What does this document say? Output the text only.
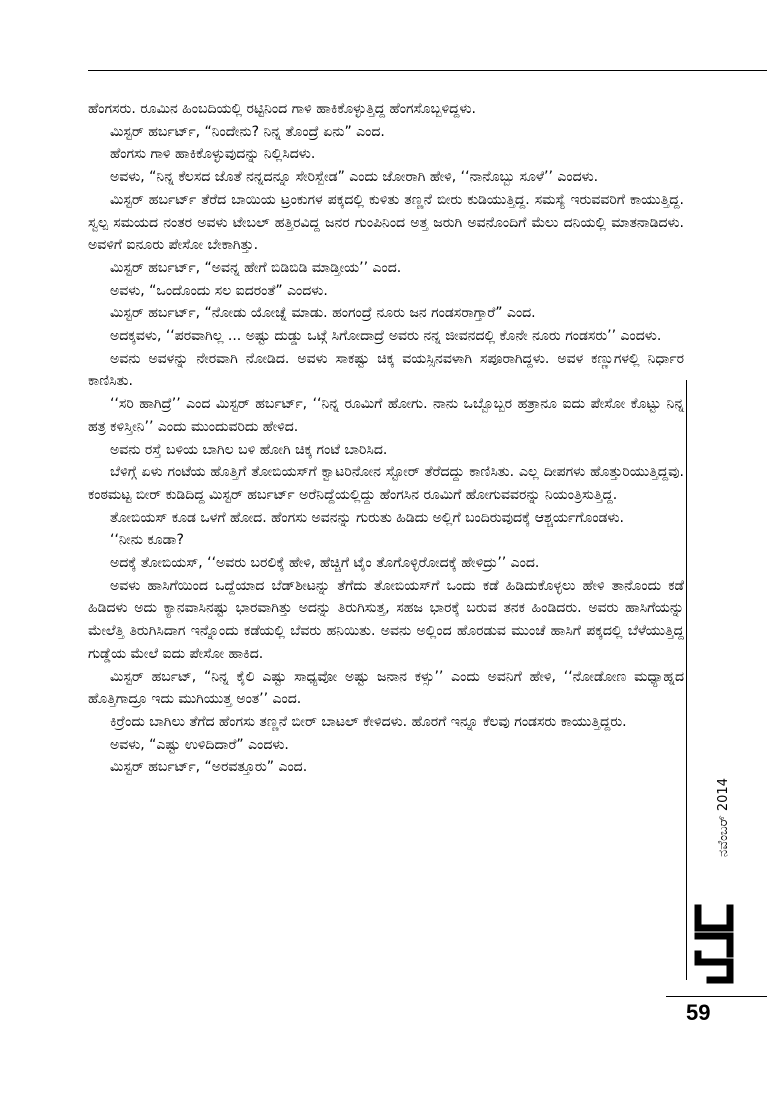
ಹೆಂಗಸರು. ರೂಮಿನ ಹಿಂಬದಿಯಲ್ಲಿ ರಟ್ಟಿನಿಂದ ಗಾಳಿ ಹಾಕಿಕೊಳ್ಳುತ್ತಿದ್ದ ಹೆಂಗಸೊಬ್ಬಳಿದ್ದಳು.

ಮಿಸ್ಟರ್ ಹರ್ಬರ್ಟ್, “ನಿಂದೇನು? ನಿನ್ನ ತೊಂದ್ರೆ ಏನು” ಎಂದ.

ಹೆಂಗಸು ಗಾಳಿ ಹಾಕಿಕೊಳ್ಳುವುದನ್ನು ನಿಲ್ಲಿಸಿದಳು.

ಅವಳು, “ನಿನ್ನ ಕೆಲಸದ ಜೊತೆ ನನ್ನದನ್ನೂ ಸೇರಿಸ್ಬೇಡ” ಎಂದು ಜೋರಾಗಿ ಹೇಳಿ, ‘‘ನಾನೊಬ್ಬು ಸೂಳೆ’’ ಎಂದಳು.

ಮಿಸ್ಟರ್ ಹರ್ಬರ್ಟ್ ತೆರೆದ ಬಾಯಿಯ ಟ್ರಂಕುಗಳ ಪಕ್ಕದಲ್ಲಿ ಕುಳಿತು ತಣ್ಣನೆ ಬೀರು ಕುಡಿಯುತ್ತಿದ್ದ. ಸಮಸ್ಯೆ ಇರುವವರಿಗೆ ಕಾಯುತ್ತಿದ್ದ. ಸ್ವಲ್ಪ ಸಮಯದ ನಂತರ ಅವಳು ಟೇಬಲ್ ಹತ್ತಿರವಿದ್ದ ಜನರ ಗುಂಪಿನಿಂದ ಅತ್ತ ಜರುಗಿ ಅವನೊಂದಿಗೆ ಮೆಲು ದನಿಯಲ್ಲಿ ಮಾತನಾಡಿದಳು. ಅವಳಿಗೆ ಐನೂರು ಪೇಸೋ ಬೇಕಾಗಿತ್ತು.

ಮಿಸ್ಟರ್ ಹರ್ಬರ್ಟ್, “ಅವನ್ನ ಹೇಗೆ ಬಿಡಿಬಿಡಿ ಮಾಡ್ತೀಯ’’ ಎಂದ.

ಅವಳು, “ಒಂದೊಂದು ಸಲ ಐದರಂತೆ” ಎಂದಳು.

ಮಿಸ್ಟರ್ ಹರ್ಬರ್ಟ್, “ನೋಡು ಯೋಚ್ನೆ ಮಾಡು. ಹಂಗಂದ್ರೆ ನೂರು ಜನ ಗಂಡಸರಾಗ್ತಾರೆ” ಎಂದ.

ಅದಕ್ಕವಳು, ‘‘ಪರವಾಗಿಲ್ಲ ... ಅಷ್ಟು ದುಡ್ಡು ಒಟ್ಗೆ ಸಿಗೋದಾದ್ರೆ ಅವರು ನನ್ನ ಜೀವನದಲ್ಲಿ ಕೊನೇ ನೂರು ಗಂಡಸರು’’ ಎಂದಳು.

ಅವನು ಅವಳನ್ನು ನೇರವಾಗಿ ನೋಡಿದ. ಅವಳು ಸಾಕಷ್ಟು ಚಿಕ್ಕ ವಯಸ್ಸಿನವಳಾಗಿ ಸಪೂರಾಗಿದ್ದಳು. ಅವಳ ಕಣ್ಣುಗಳಲ್ಲಿ ನಿರ್ಧಾರ ಕಾಣಿಸಿತು.

‘‘ಸರಿ ಹಾಗಿದ್ರೆ’’ ಎಂದ ಮಿಸ್ಟರ್ ಹರ್ಬರ್ಟ್, ‘‘ನಿನ್ನ ರೂಮಿಗೆ ಹೋಗು. ನಾನು ಒಬ್ಬೊಬ್ಬರ ಹತ್ರಾನೂ ಐದು ಪೇಸೋ ಕೊಟ್ಟು ನಿನ್ನ ಹತ್ರ ಕಳಿಸ್ತೀನಿ’’ ಎಂದು ಮುಂದುವರಿದು ಹೇಳಿದ.

ಅವನು ರಸ್ತೆ ಬಳಿಯ ಬಾಗಿಲ ಬಳಿ ಹೋಗಿ ಚಿಕ್ಕ ಗಂಟೆ ಬಾರಿಸಿದ.

ಬೆಳಿಗ್ಗೆ ಏಳು ಗಂಟೆಯ ಹೊತ್ತಿಗೆ ತೋಬಿಯಸ್‌ಗೆ ಕ್ವಾಟರಿನೋನ ಸ್ಟೋರ್ ತೆರೆದದ್ದು ಕಾಣಿಸಿತು. ಎಲ್ಲ ದೀಪಗಳು ಹೊತ್ತುರಿಯುತ್ತಿದ್ದವು. ಕಂಠಮಟ್ಟ ಬೀರ್ ಕುಡಿದಿದ್ದ ಮಿಸ್ಟರ್ ಹರ್ಬರ್ಟ್ ಅರೆನಿದ್ದೆಯಲ್ಲಿದ್ದು ಹೆಂಗಸಿನ ರೂಮಿಗೆ ಹೋಗುವವರನ್ನು ನಿಯಂತ್ರಿಸುತ್ತಿದ್ದ.

ತೋಬಿಯಸ್ ಕೂಡ ಒಳಗೆ ಹೋದ. ಹೆಂಗಸು ಅವನನ್ನು ಗುರುತು ಹಿಡಿದು ಅಲ್ಲಿಗೆ ಬಂದಿರುವುದಕ್ಕೆ ಆಶ್ಚರ್ಯಗೊಂಡಳು.

‘‘ನೀನು ಕೂಡಾ?

ಅದಕ್ಕೆ ತೋಬಿಯಸ್, ‘‘ಅವರು ಬರಲಿಕ್ಕೆ ಹೇಳಿ, ಹೆಚ್ಚಿಗೆ ಟೈಂ ತೊಗೊಳ್ಳಿರೋದಕ್ಕೆ ಹೇಳಿದ್ರು’’ ಎಂದ.

ಅವಳು ಹಾಸಿಗೆಯಿಂದ ಒದ್ದೆಯಾದ ಬೆಡ್‌ಶೀಟನ್ನು ತೆಗೆದು ತೋಬಿಯಸ್‌ಗೆ ಒಂದು ಕಡೆ ಹಿಡಿದುಕೊಳ್ಳಲು ಹೇಳಿ ತಾನೊಂದು ಕಡೆ ಹಿಡಿದಳು ಅದು ಕ್ಯಾನವಾಸಿನಷ್ಟು ಭಾರವಾಗಿತ್ತು ಅದನ್ನು ತಿರುಗಿಸುತ್ತ, ಸಹಜ ಭಾರಕ್ಕೆ ಬರುವ ತನಕ ಹಿಂಡಿದರು. ಅವರು ಹಾಸಿಗೆಯನ್ನು ಮೇಲೆತ್ತಿ ತಿರುಗಿಸಿದಾಗ ಇನ್ನೊಂದು ಕಡೆಯಲ್ಲಿ ಬೆವರು ಹನಿಯಿತು. ಅವನು ಅಲ್ಲಿಂದ ಹೊರಡುವ ಮುಂಚೆ ಹಾಸಿಗೆ ಪಕ್ಕದಲ್ಲಿ ಬೆಳೆಯುತ್ತಿದ್ದ ಗುಡ್ಡೆಯ ಮೇಲೆ ಐದು ಪೇಸೋ ಹಾಕಿದ.

ಮಿಸ್ಟರ್ ಹರ್ಬಟ್, “ನಿನ್ನ ಕೈಲಿ ಎಷ್ಟು ಸಾಧ್ಯವೋ ಅಷ್ಟು ಜನಾನ ಕಳ್ಸು’’ ಎಂದು ಅವನಿಗೆ ಹೇಳಿ, ‘‘ನೋಡೋಣ ಮಧ್ಯಾಹ್ನದ ಹೊತ್ತಿಗಾದ್ರೂ ಇದು ಮುಗಿಯುತ್ತ ಅಂತ’’ ಎಂದ.

ಕಿರ್ರೆಂದು ಬಾಗಿಲು ತೆಗೆದ ಹೆಂಗಸು ತಣ್ಣನೆ ಬೀರ್ ಬಾಟಲ್ ಕೇಳಿದಳು. ಹೊರಗೆ ಇನ್ನೂ ಕೆಲವು ಗಂಡಸರು ಕಾಯುತ್ತಿದ್ದರು.

ಅವಳು, “ಎಷ್ಟು ಉಳಿದಿದಾರೆ” ಎಂದಳು.

ಮಿಸ್ಟರ್ ಹರ್ಬರ್ಟ್, “ಅರವತ್ತೂರು” ಎಂದ.

ನವೆಂಬರ್ 2014
59
